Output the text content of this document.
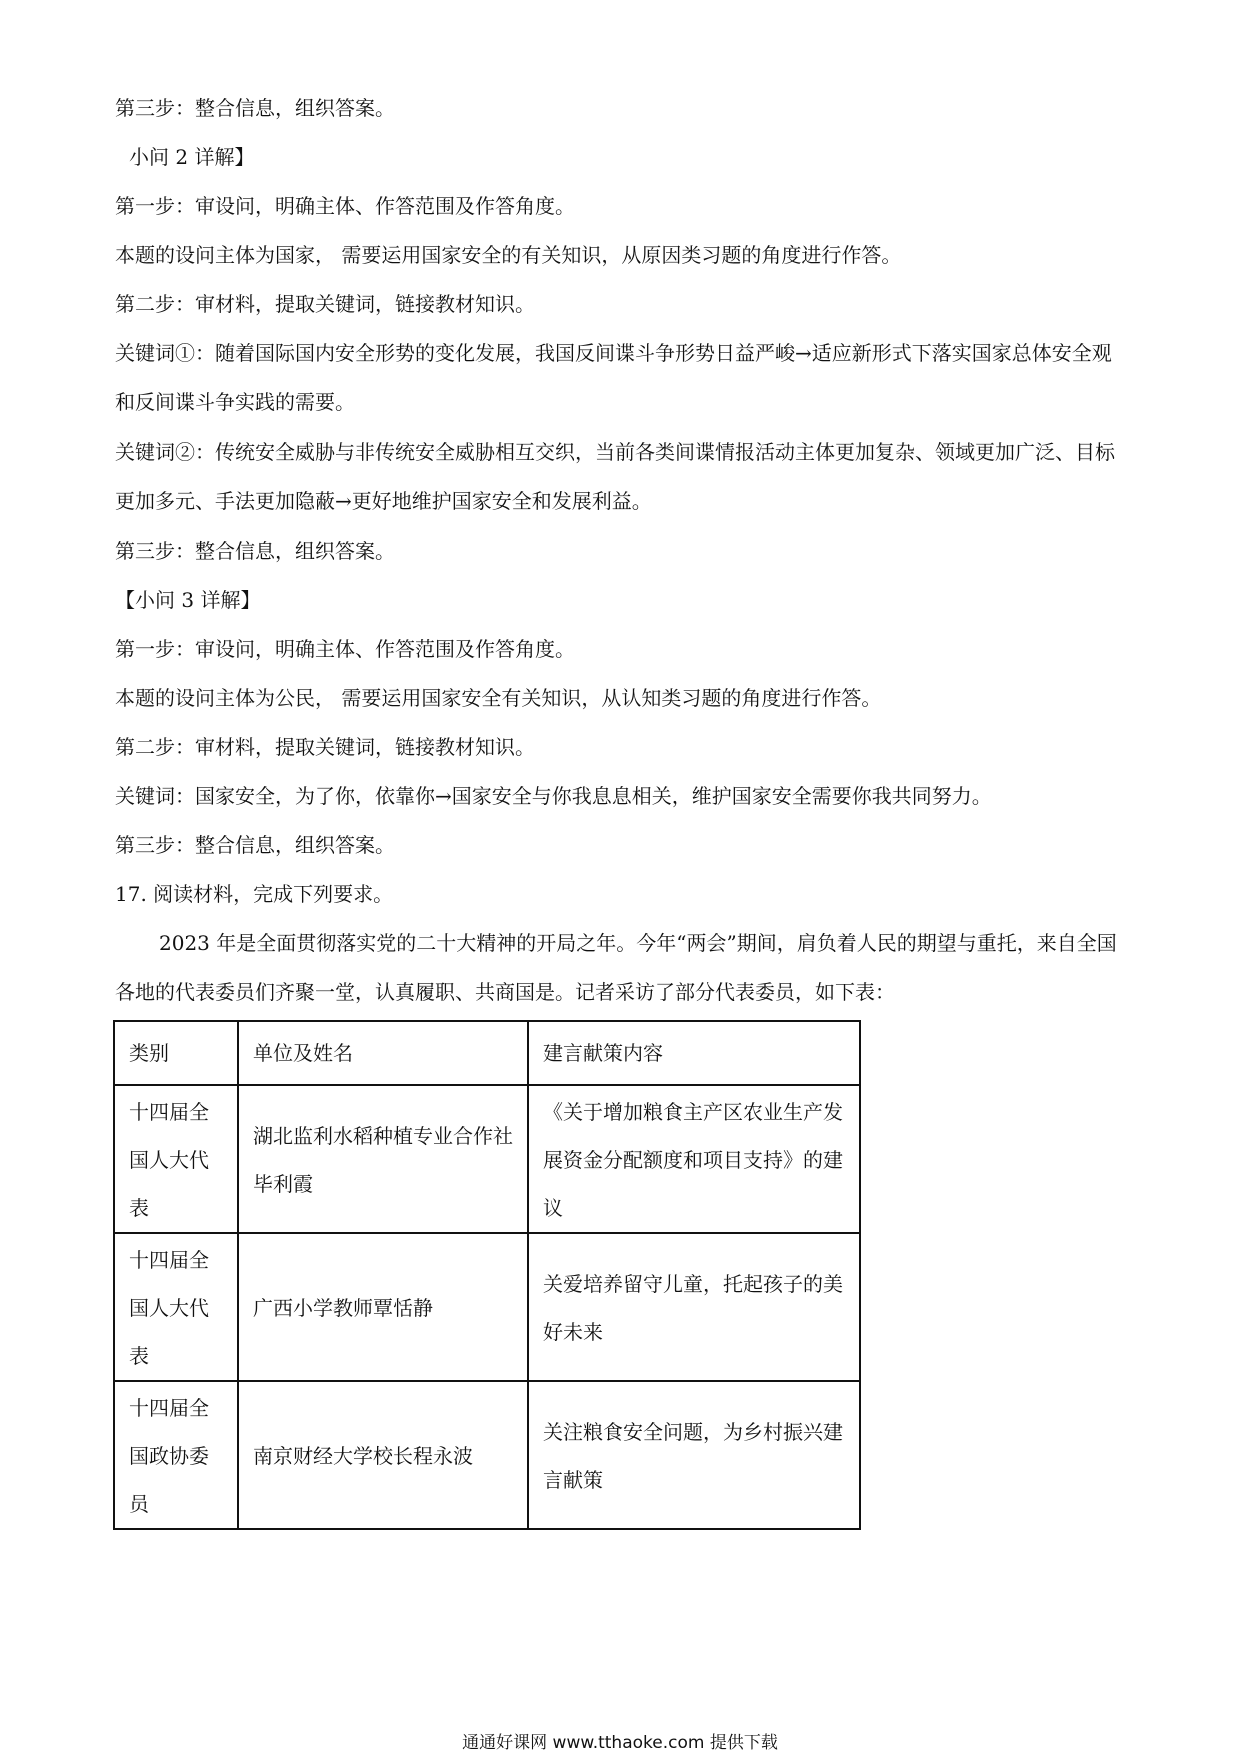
第三步：整合信息，组织答案。

小问 2 详解】

第一步：审设问，明确主体、作答范围及作答角度。

本题的设问主体为国家， 需要运用国家安全的有关知识，从原因类习题的角度进行作答。

第二步：审材料，提取关键词，链接教材知识。

关键词①：随着国际国内安全形势的变化发展，我国反间谍斗争形势日益严峻→适应新形式下落实国家总体安全观和反间谍斗争实践的需要。

关键词②：传统安全威胁与非传统安全威胁相互交织，当前各类间谍情报活动主体更加复杂、领域更加广泛、目标更加多元、手法更加隐蔽→更好地维护国家安全和发展利益。

第三步：整合信息，组织答案。

【小问 3 详解】

第一步：审设问，明确主体、作答范围及作答角度。

本题的设问主体为公民， 需要运用国家安全有关知识，从认知类习题的角度进行作答。

第二步：审材料，提取关键词，链接教材知识。

关键词：国家安全，为了你，依靠你→国家安全与你我息息相关，维护国家安全需要你我共同努力。

第三步：整合信息，组织答案。

17. 阅读材料，完成下列要求。

2023 年是全面贯彻落实党的二十大精神的开局之年。今年“两会”期间，肩负着人民的期望与重托，来自全国各地的代表委员们齐聚一堂，认真履职、共商国是。记者采访了部分代表委员，如下表：

类别	单位及姓名	建言献策内容
十四届全国人大代表	湖北监利水稻种植专业合作社毕利霞	《关于增加粮食主产区农业生产发展资金分配额度和项目支持》的建议
十四届全国人大代表	广西小学教师覃恬静	关爱培养留守儿童，托起孩子的美好未来
十四届全国政协委员	南京财经大学校长程永波	关注粮食安全问题，为乡村振兴建言献策
通通好课网 www.tthaoke.com 提供下载
